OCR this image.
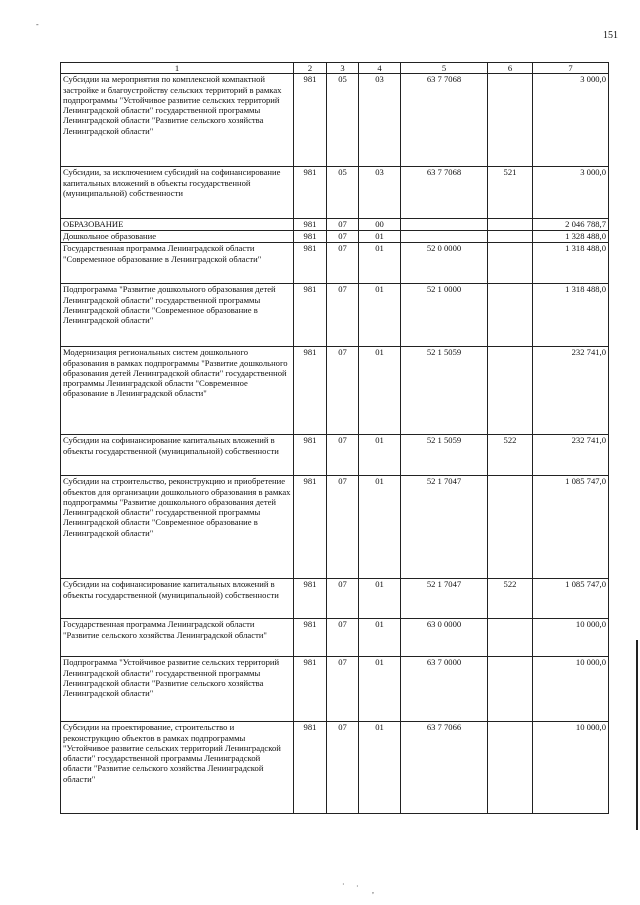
151
-
· · ,
1	2	3	4	5	6	7
Субсидии на мероприятия по комплексной компактной застройке и благоустройству сельских территорий в рамках подпрограммы "Устойчивое развитие сельских территорий Ленинградской области" государственной программы Ленинградской области "Развитие сельского хозяйства Ленинградской области"	981	05	03	63 7 7068		3 000,0
Субсидии, за исключением субсидий на софинансирование капитальных вложений в объекты государственной (муниципальной) собственности	981	05	03	63 7 7068	521	3 000,0
ОБРАЗОВАНИЕ	981	07	00			2 046 788,7
Дошкольное образование	981	07	01			1 328 488,0
Государственная программа Ленинградской области "Современное образование в Ленинградской области"	981	07	01	52 0 0000		1 318 488,0
Подпрограмма "Развитие дошкольного образования детей Ленинградской области" государственной программы Ленинградской области "Современное образование в Ленинградской области"	981	07	01	52 1 0000		1 318 488,0
Модернизация региональных систем дошкольного образования в рамках подпрограммы "Развитие дошкольного образования детей Ленинградской области" государственной программы Ленинградской области "Современное образование в Ленинградской области"	981	07	01	52 1 5059		232 741,0
Субсидии на софинансирование капитальных вложений в объекты государственной (муниципальной) собственности	981	07	01	52 1 5059	522	232 741,0
Субсидии на строительство, реконструкцию и приобретение объектов для организации дошкольного образования в рамках подпрограммы "Развитие дошкольного образования детей Ленинградской области" государственной программы Ленинградской области "Современное образование в Ленинградской области"	981	07	01	52 1 7047		1 085 747,0
Субсидии на софинансирование капитальных вложений в объекты государственной (муниципальной) собственности	981	07	01	52 1 7047	522	1 085 747,0
Государственная программа Ленинградской области "Развитие сельского хозяйства Ленинградской области"	981	07	01	63 0 0000		10 000,0
Подпрограмма "Устойчивое развитие сельских территорий Ленинградской области" государственной программы Ленинградской области "Развитие сельского хозяйства Ленинградской области"	981	07	01	63 7 0000		10 000,0
Субсидии на проектирование, строительство и реконструкцию объектов в рамках подпрограммы "Устойчивое развитие сельских территорий Ленинградской области" государственной программы Ленинградской области "Развитие сельского хозяйства Ленинградской области"	981	07	01	63 7 7066		10 000,0
